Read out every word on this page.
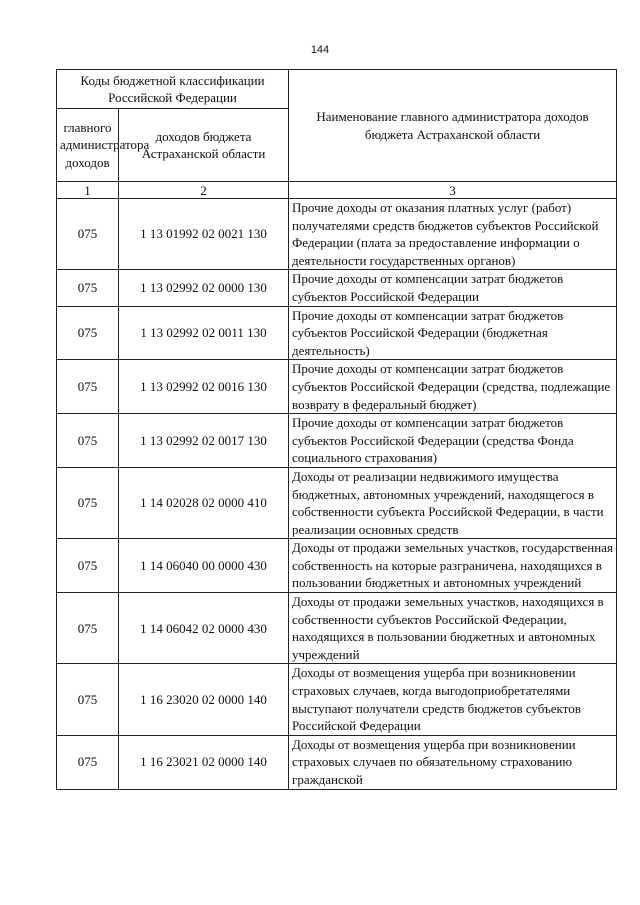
144
Коды бюджетной классификации Российской Федерации		Наименование главного администратора доходов бюджета Астраханской области
главного администратора доходов	доходов бюджета Астраханской области	
1	2	3
075	1 13 01992 02 0021 130	Прочие доходы от оказания платных услуг (работ) получателями средств бюджетов субъектов Российской Федерации (плата за предоставление информации о деятельности государственных органов)
075	1 13 02992 02 0000 130	Прочие доходы от компенсации затрат бюджетов субъектов Российской Федерации
075	1 13 02992 02 0011 130	Прочие доходы от компенсации затрат бюджетов субъектов Российской Федерации (бюджетная деятельность)
075	1 13 02992 02 0016 130	Прочие доходы от компенсации затрат бюджетов субъектов Российской Федерации (средства, подлежащие возврату в федеральный бюджет)
075	1 13 02992 02 0017 130	Прочие доходы от компенсации затрат бюджетов субъектов Российской Федерации (средства Фонда социального страхования)
075	1 14 02028 02 0000 410	Доходы от реализации недвижимого имущества бюджетных, автономных учреждений, находящегося в собственности субъекта Российской Федерации, в части реализации основных средств
075	1 14 06040 00 0000 430	Доходы от продажи земельных участков, государственная собственность на которые разграничена, находящихся в пользовании бюджетных и автономных учреждений
075	1 14 06042 02 0000 430	Доходы от продажи земельных участков, находящихся в собственности субъектов Российской Федерации, находящихся в пользовании бюджетных и автономных учреждений
075	1 16 23020 02 0000 140	Доходы от возмещения ущерба при возникновении страховых случаев, когда выгодоприобретателями выступают получатели средств бюджетов субъектов Российской Федерации
075	1 16 23021 02 0000 140	Доходы от возмещения ущерба при возникновении страховых случаев по обязательному страхованию гражданской
